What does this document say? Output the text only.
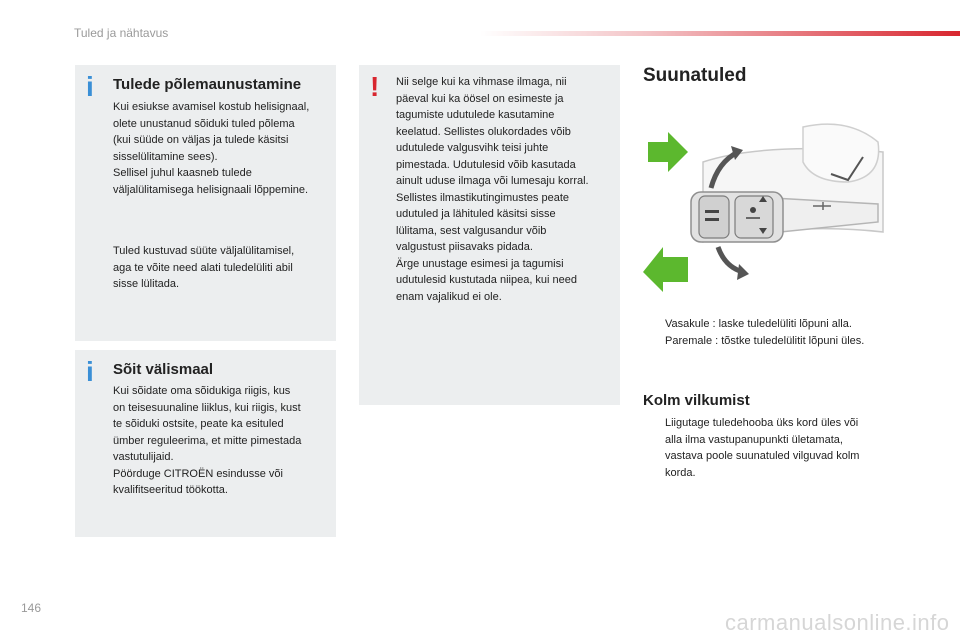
Tuled ja nähtavus
i Tulede põlemaunustamine
Kui esiukse avamisel kostub helisignaal,
olete unustanud sõiduki tuled põlema
(kui süüde on väljas ja tulede käsitsi
sisselülitamine sees).
Sellisel juhul kaasneb tulede
väljalülitamisega helisignaali lõppemine.
Tuled kustuvad süüte väljalülitamisel,
aga te võite need alati tuledelüliti abil
sisse lülitada.
i Sõit välismaal
Kui sõidate oma sõidukiga riigis, kus
on teisesuunaline liiklus, kui riigis, kust
te sõiduki ostsite, peate ka esituled
ümber reguleerima, et mitte pimestada
vastutulijaid.
Pöörduge CITROËN esindusse või
kvalifitseeritud töökotta.
! Nii selge kui ka vihmase ilmaga, nii
päeval kui ka öösel on esimeste ja
tagumiste udutulede kasutamine
keelatud. Sellistes olukordades võib
udutulede valgusvihk teisi juhte
pimestada. Udutulesid võib kasutada
ainult uduse ilmaga või lumesaju korral.
Sellistes ilmastikutingimustes peate
udutuled ja lähituled käsitsi sisse
lülitama, sest valgusandur võib
valgustust piisavaks pidada.
Ärge unustage esimesi ja tagumisi
udutulesid kustutada niipea, kui need
enam vajalikud ei ole.
Suunatuled
Vasakule : laske tuledelüliti lõpuni alla.
Paremale : tõstke tuledelülitit lõpuni üles.
Kolm vilkumist
Liigutage tuledehooba üks kord üles või
alla ilma vastupanupunkti ületamata,
vastava poole suunatuled vilguvad kolm
korda.
146
carmanualsonline.info
